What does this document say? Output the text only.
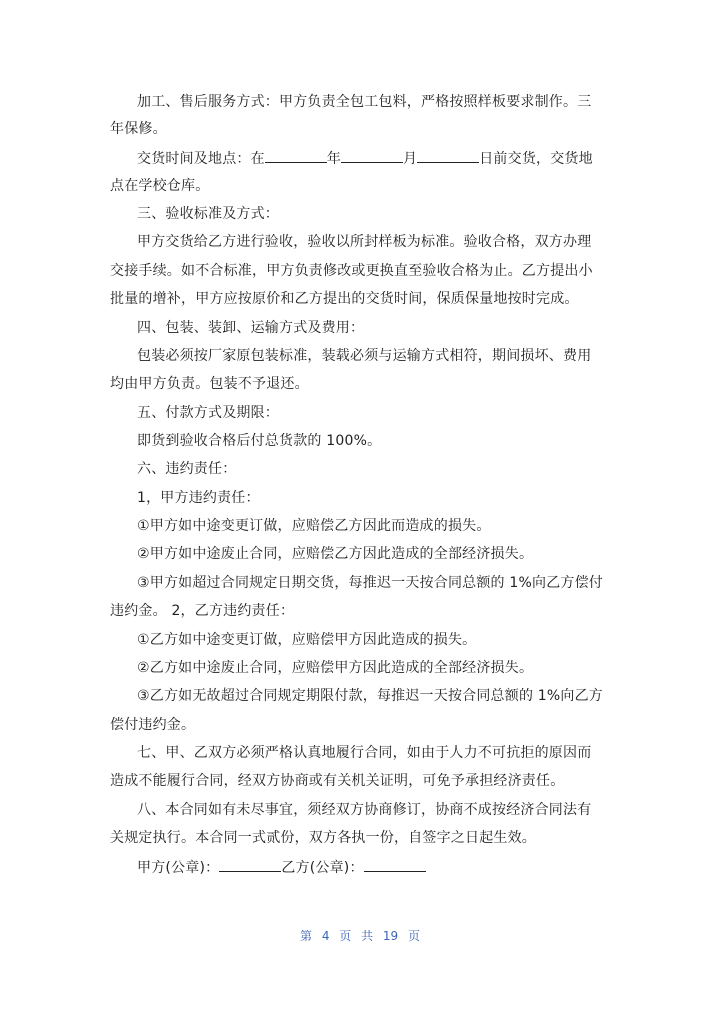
加工、售后服务方式：甲方负责全包工包料，严格按照样板要求制作。三
年保修。
交货时间及地点：在	年	月	日前交货，交货地
点在学校仓库。
三、验收标准及方式：
甲方交货给乙方进行验收，验收以所封样板为标准。验收合格，双方办理
交接手续。如不合标准，甲方负责修改或更换直至验收合格为止。乙方提出小
批量的增补，甲方应按原价和乙方提出的交货时间，保质保量地按时完成。
四、包装、装卸、运输方式及费用：
包装必须按厂家原包装标准，装载必须与运输方式相符，期间损坏、费用
均由甲方负责。包装不予退还。
五、付款方式及期限：
即货到验收合格后付总货款的 100%。
六、违约责任：
1，甲方违约责任：
①甲方如中途变更订做，应赔偿乙方因此而造成的损失。
②甲方如中途废止合同，应赔偿乙方因此造成的全部经济损失。
③甲方如超过合同规定日期交货，每推迟一天按合同总额的 1%向乙方偿付
违约金。 2，乙方违约责任：
①乙方如中途变更订做，应赔偿甲方因此造成的损失。
②乙方如中途废止合同，应赔偿甲方因此造成的全部经济损失。
③乙方如无故超过合同规定期限付款，每推迟一天按合同总额的 1%向乙方
偿付违约金。
七、甲、乙双方必须严格认真地履行合同，如由于人力不可抗拒的原因而
造成不能履行合同，经双方协商或有关机关证明，可免予承担经济责任。
八、本合同如有未尽事宜，须经双方协商修订，协商不成按经济合同法有
关规定执行。本合同一式贰份，双方各执一份，自签字之日起生效。
甲方(公章)：	乙方(公章)：
第 4 页 共 19 页
